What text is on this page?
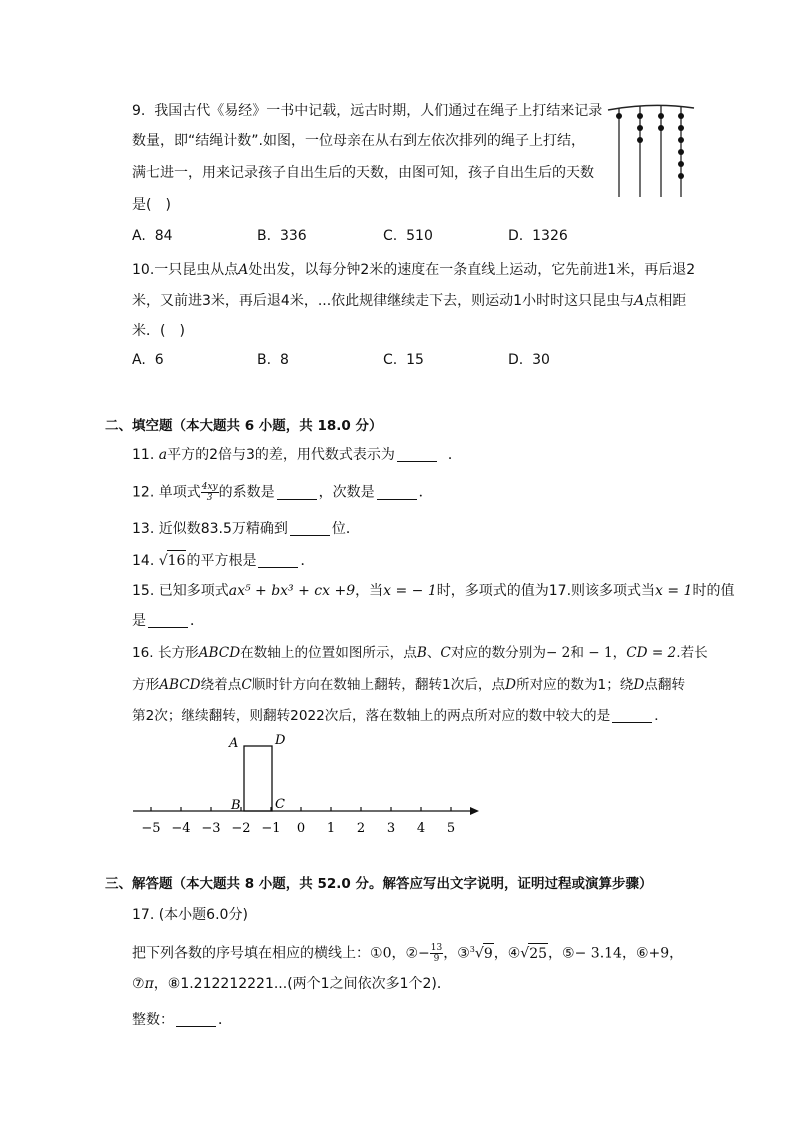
9. 我国古代《易经》一书中记载，远古时期，人们通过在绳子上打结来记录
数量，即“结绳计数”.如图，一位母亲在从右到左依次排列的绳子上打结，
满七进一，用来记录孩子自出生后的天数，由图可知，孩子自出生后的天数
是(　)
A. 84	B. 336	C. 510	D. 1326
10.一只昆虫从点A处出发，以每分钟2米的速度在一条直线上运动，它先前进1米，再后退2
米，又前进3米，再后退4米，...依此规律继续走下去，则运动1小时时这只昆虫与A点相距
米．(　)
A. 6	B. 8	C. 15	D. 30
二、填空题（本大题共 6 小题，共 18.0 分）
11. a平方的2倍与3的差，用代数式表示为	．
12. 单项式 $\frac{4xy}{3}$ 的系数是	，次数是	．
13. 近似数83.5万精确到	位．
14. √16的平方根是	．
15. 已知多项式ax⁵ + bx³ + cx +9，当x = − 1时，多项式的值为17.则该多项式当x = 1时的值
是	．
16. 长方形ABCD在数轴上的位置如图所示，点B、C对应的数分别为− 2和 − 1，CD = 2.若长
方形ABCD绕着点C顺时针方向在数轴上翻转，翻转1次后，点D所对应的数为1；绕D点翻转
第2次；继续翻转，则翻转2022次后，落在数轴上的两点所对应的数中较大的是	．
A	D
B	C
−5 −4 −3 −2 −1 0 1 2 3 4 5
三、解答题（本大题共 8 小题，共 52.0 分。解答应写出文字说明，证明过程或演算步骤）
17. (本小题6.0分)
把下列各数的序号填在相应的横线上：①0，②− $\frac{13}{9}$ ，③$^3$√9，④√25，⑤− 3.14，⑥+9，
⑦π，⑧1.212212221...(两个1之间依次多1个2)．
整数：	．
